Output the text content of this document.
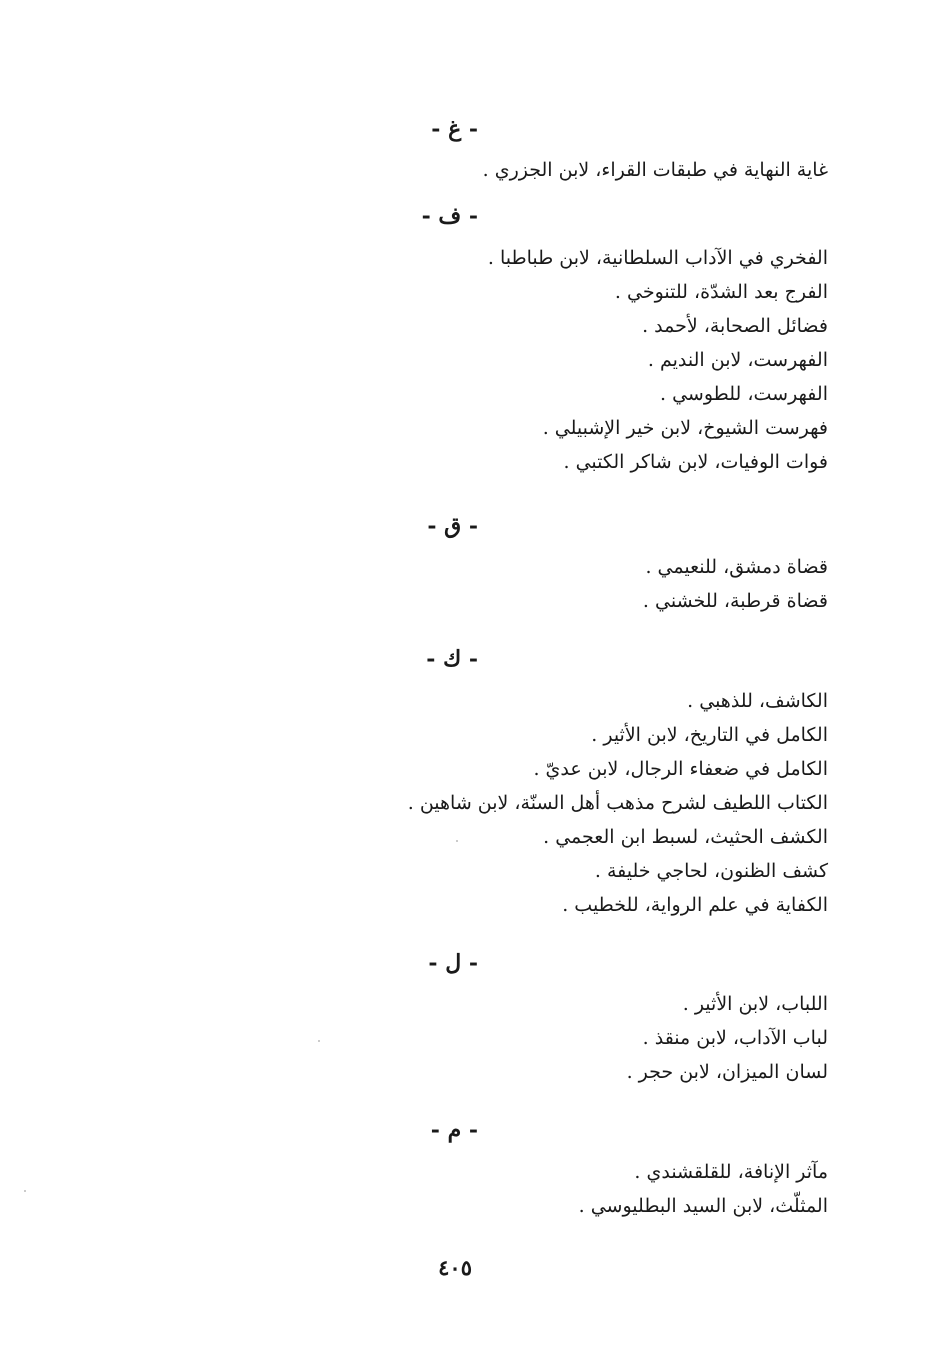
- غ -
غاية النهاية في طبقات القراء، لابن الجزري .
- ف -
الفخري في الآداب السلطانية، لابن طباطبا .
الفرج بعد الشدّة، للتنوخي .
فضائل الصحابة، لأحمد .
الفهرست، لابن النديم .
الفهرست، للطوسي .
فهرست الشيوخ، لابن خير الإشبيلي .
فوات الوفيات، لابن شاكر الكتبي .
- ق -
قضاة دمشق، للنعيمي .
قضاة قرطبة، للخشني .
- ك -
الكاشف، للذهبي .
الكامل في التاريخ، لابن الأثير .
الكامل في ضعفاء الرجال، لابن عديّ .
الكتاب اللطيف لشرح مذهب أهل السنّة، لابن شاهين .
الكشف الحثيث، لسبط ابن العجمي .
كشف الظنون، لحاجي خليفة .
الكفاية في علم الرواية، للخطيب .
- ل -
اللباب، لابن الأثير .
لباب الآداب، لابن منقذ .
لسان الميزان، لابن حجر .
- م -
مآثر الإنافة، للقلقشندي .
المثلّث، لابن السيد البطليوسي .
٤٠٥
